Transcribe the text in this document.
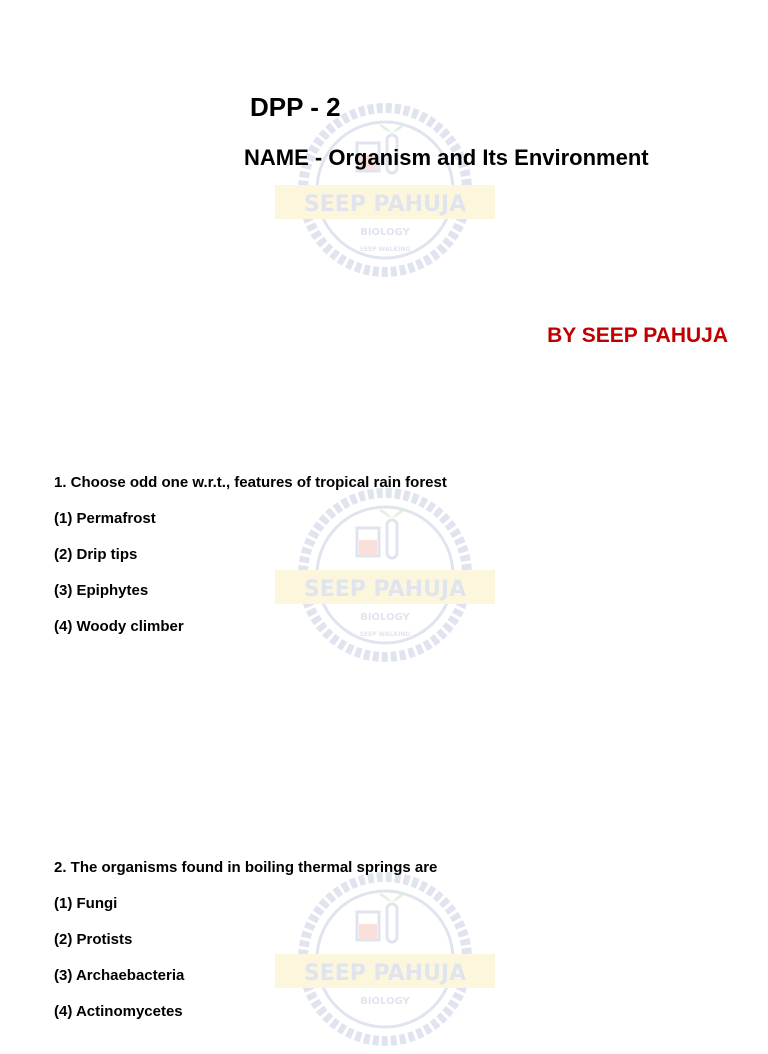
SEEP PAHUJA
BIOLOGY
SEEP WALKING
SEEP PAHUJA
BIOLOGY
SEEP WALKING
SEEP PAHUJA
BIOLOGY
DPP - 2
NAME - Organism and Its Environment
BY SEEP PAHUJA
1. Choose odd one w.r.t., features of tropical rain forest
(1) Permafrost
(2) Drip tips
(3) Epiphytes
(4) Woody climber
2. The organisms found in boiling thermal springs are
(1) Fungi
(2) Protists
(3) Archaebacteria
(4) Actinomycetes
